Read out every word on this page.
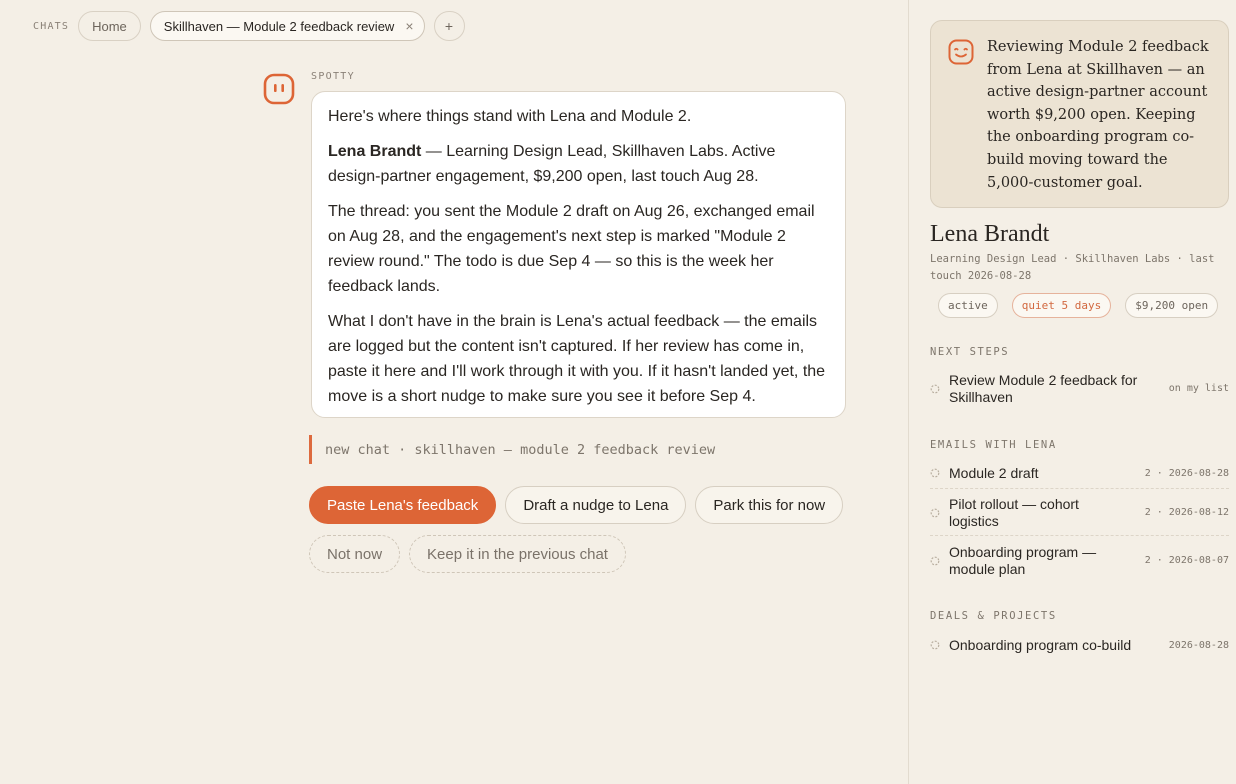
CHATS Home	Skillhaven — Module 2 feedback review ×	+
SPOTTY

Here's where things stand with Lena and Module 2.

Lena Brandt — Learning Design Lead, Skillhaven Labs. Active design-partner engagement, $9,200 open, last touch Aug 28.

The thread: you sent the Module 2 draft on Aug 26, exchanged email on Aug 28, and the engagement's next step is marked "Module 2 review round." The todo is due Sep 4 — so this is the week her feedback lands.

What I don't have in the brain is Lena's actual feedback — the emails are logged but the content isn't captured. If her review has come in, paste it here and I'll work through it with you. If it hasn't landed yet, the move is a short nudge to make sure you see it before Sep 4.

new chat · skillhaven — module 2 feedback review
Paste Lena's feedback	Draft a nudge to Lena	Park this for now
Not now	Keep it in the previous chat
Reviewing Module 2 feedback from Lena at Skillhaven — an active design-partner account worth $9,200 open. Keeping the onboarding program co-build moving toward the 5,000-customer goal.
Lena Brandt
Learning Design Lead · Skillhaven Labs · last touch 2026-08-28
active	quiet 5 days	$9,200 open
NEXT STEPS
Review Module 2 feedback for Skillhaven	on my list
EMAILS WITH LENA
Module 2 draft	2 · 2026-08-28
Pilot rollout — cohort logistics	2 · 2026-08-12
Onboarding program — module plan	2 · 2026-08-07
DEALS & PROJECTS
Onboarding program co-build	2026-08-28
